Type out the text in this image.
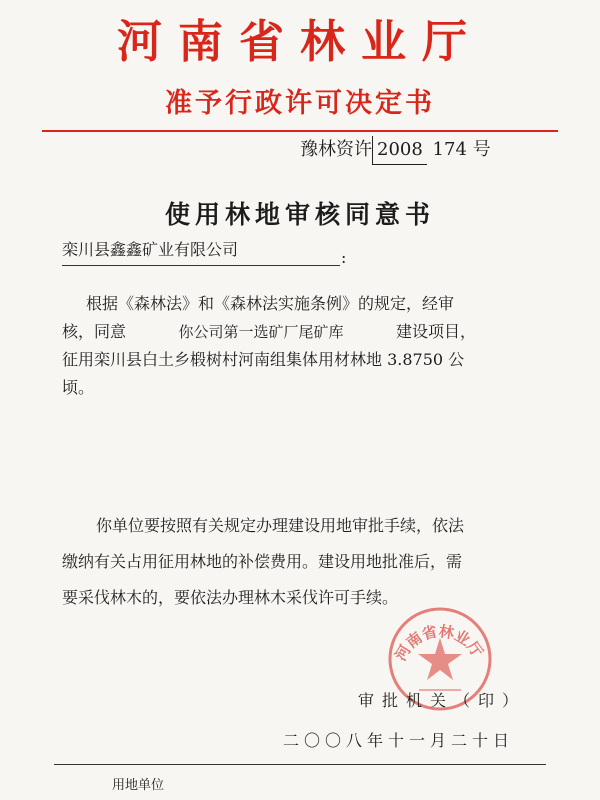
河南省林业厅
准予行政许可决定书
豫林资许 2008 174 号
使用林地审核同意书
栾川县鑫鑫矿业有限公司	:
根据《森林法》和《森林法实施条例》的规定，经审
核，同意	你公司第一选矿厂尾矿库	建设项目，
征用栾川县白土乡椴树村河南组集体用材林地 3.8750 公
顷。
你单位要按照有关规定办理建设用地审批手续，依法
缴纳有关占用征用林地的补偿费用。建设用地批准后，需
要采伐林木的，要依法办理林木采伐许可手续。
河南省林业厅
审批机关（印）
二〇〇八年十一月二十日
用地单位
